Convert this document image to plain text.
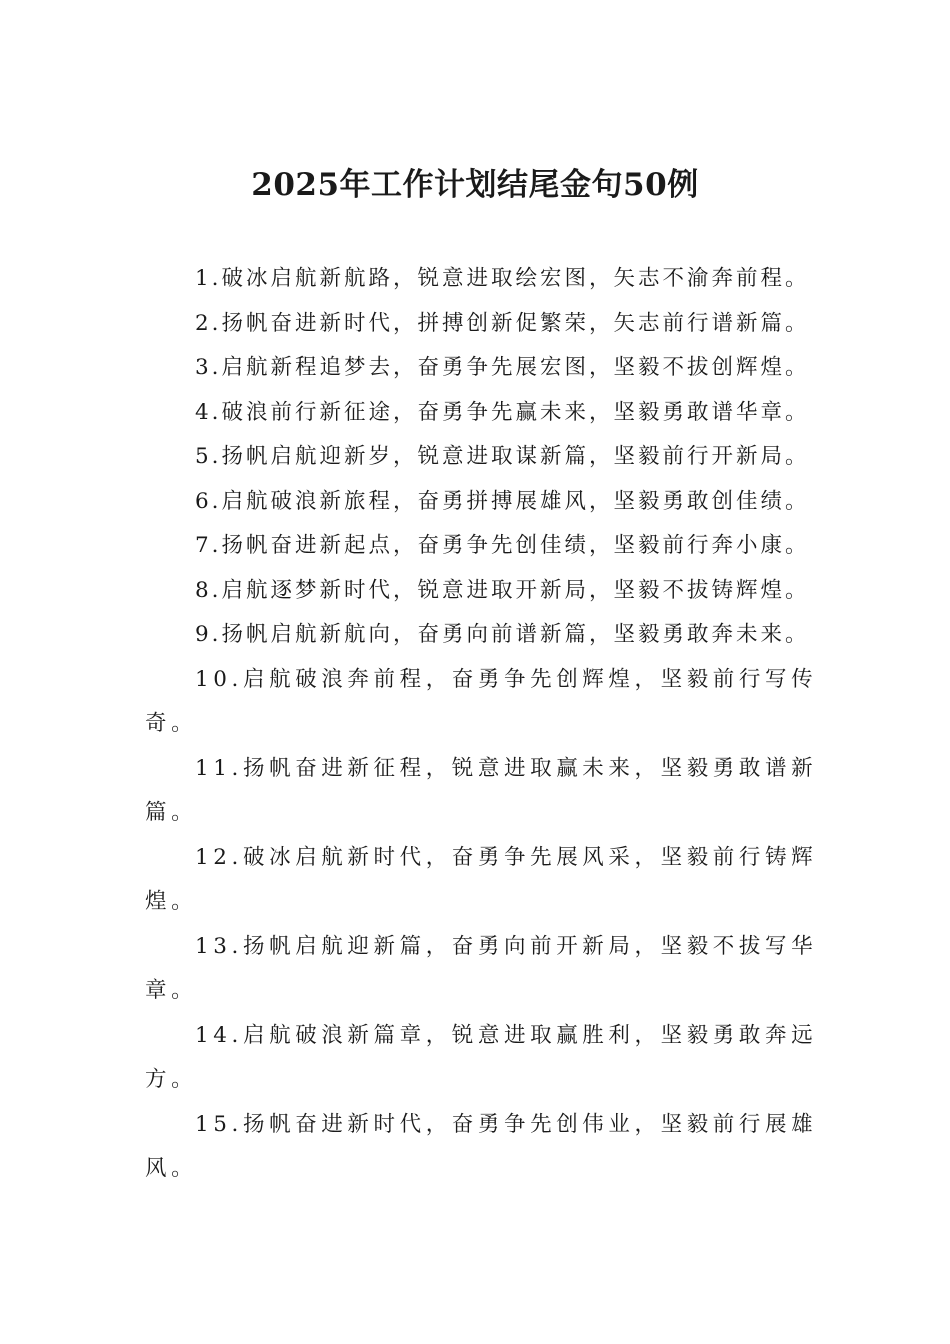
2025年工作计划结尾金句50例

1.破冰启航新航路，锐意进取绘宏图，矢志不渝奔前程。

2.扬帆奋进新时代，拼搏创新促繁荣，矢志前行谱新篇。

3.启航新程追梦去，奋勇争先展宏图，坚毅不拔创辉煌。

4.破浪前行新征途，奋勇争先赢未来，坚毅勇敢谱华章。

5.扬帆启航迎新岁，锐意进取谋新篇，坚毅前行开新局。

6.启航破浪新旅程，奋勇拼搏展雄风，坚毅勇敢创佳绩。

7.扬帆奋进新起点，奋勇争先创佳绩，坚毅前行奔小康。

8.启航逐梦新时代，锐意进取开新局，坚毅不拔铸辉煌。

9.扬帆启航新航向，奋勇向前谱新篇，坚毅勇敢奔未来。

10.启航破浪奔前程，奋勇争先创辉煌，坚毅前行写传奇。

11.扬帆奋进新征程，锐意进取赢未来，坚毅勇敢谱新篇。

12.破冰启航新时代，奋勇争先展风采，坚毅前行铸辉煌。

13.扬帆启航迎新篇，奋勇向前开新局，坚毅不拔写华章。

14.启航破浪新篇章，锐意进取赢胜利，坚毅勇敢奔远方。

15.扬帆奋进新时代，奋勇争先创伟业，坚毅前行展雄风。
